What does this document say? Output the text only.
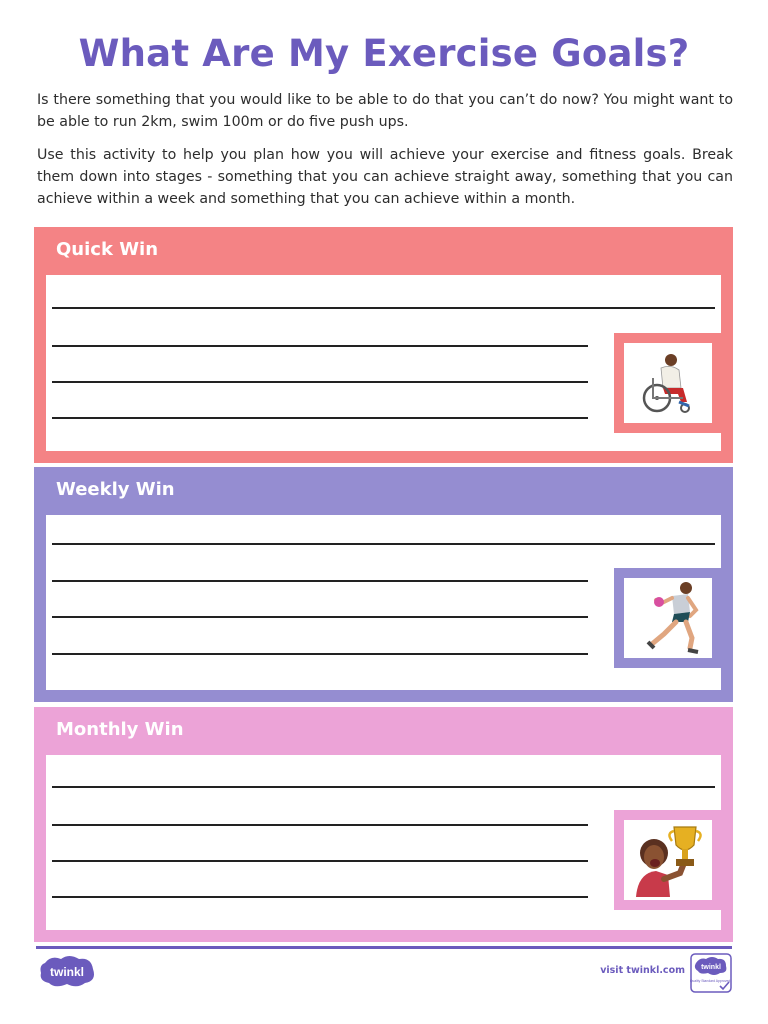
What Are My Exercise Goals?
Is there something that you would like to be able to do that you can’t do now? You might want to be able to run 2km, swim 100m or do five push ups.
Use this activity to help you plan how you will achieve your exercise and fitness goals. Break them down into stages - something that you can achieve straight away, something that you can achieve within a week and something that you can achieve within a month.
Quick Win
Weekly Win
Monthly Win
twinkl	visit twinkl.com twinkl
Quality Standard Approved
